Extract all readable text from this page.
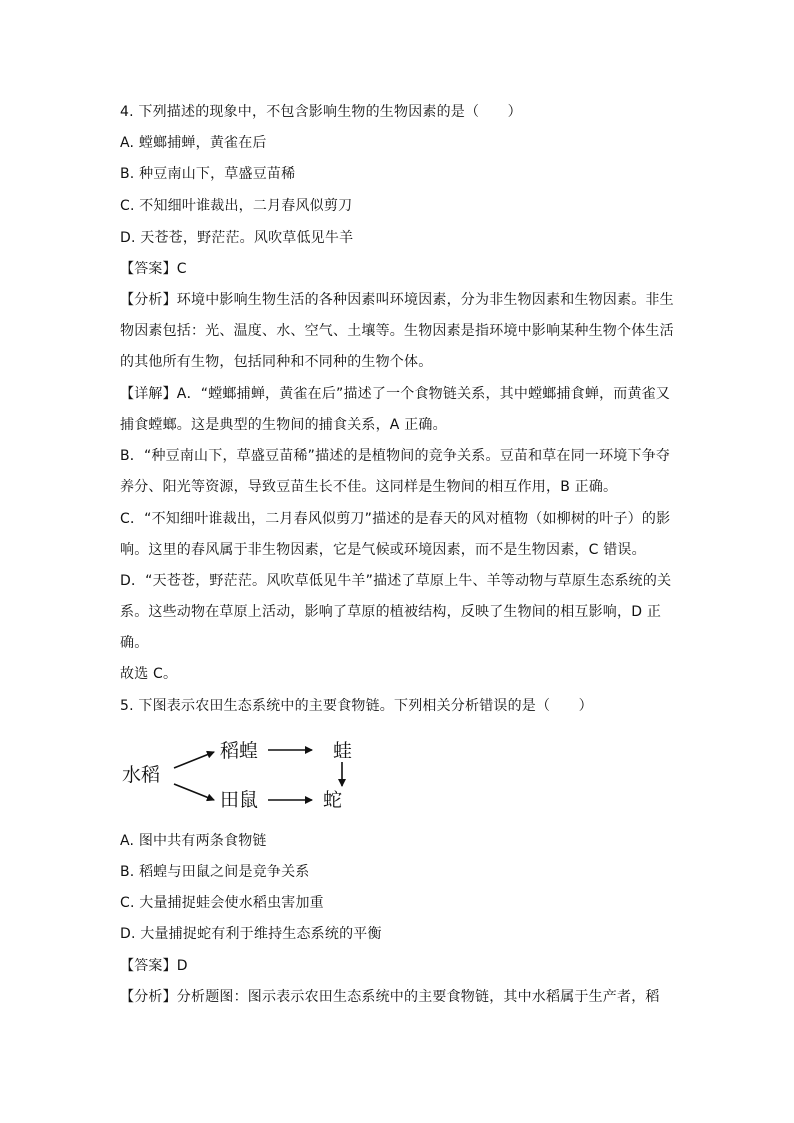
4. 下列描述的现象中，不包含影响生物的生物因素的是（　　）
A. 螳螂捕蝉，黄雀在后
B. 种豆南山下，草盛豆苗稀
C. 不知细叶谁裁出，二月春风似剪刀
D. 天苍苍，野茫茫。风吹草低见牛羊
【答案】C
【分析】环境中影响生物生活的各种因素叫环境因素，分为非生物因素和生物因素。非生
物因素包括：光、温度、水、空气、土壤等。生物因素是指环境中影响某种生物个体生活
的其他所有生物，包括同种和不同种的生物个体。
【详解】A．“螳螂捕蝉，黄雀在后”描述了一个食物链关系，其中螳螂捕食蝉，而黄雀又
捕食螳螂。这是典型的生物间的捕食关系，A 正确。
B．“种豆南山下，草盛豆苗稀”描述的是植物间的竞争关系。豆苗和草在同一环境下争夺
养分、阳光等资源，导致豆苗生长不佳。这同样是生物间的相互作用，B 正确。
C．“不知细叶谁裁出，二月春风似剪刀”描述的是春天的风对植物（如柳树的叶子）的影
响。这里的春风属于非生物因素，它是气候或环境因素，而不是生物因素，C 错误。
D．“天苍苍，野茫茫。风吹草低见牛羊”描述了草原上牛、羊等动物与草原生态系统的关
系。这些动物在草原上活动，影响了草原的植被结构，反映了生物间的相互影响，D 正
确。
故选 C。
5. 下图表示农田生态系统中的主要食物链。下列相关分析错误的是（　　）
水稻
稻蝗	蛙
田鼠	蛇
A. 图中共有两条食物链
B. 稻蝗与田鼠之间是竞争关系
C. 大量捕捉蛙会使水稻虫害加重
D. 大量捕捉蛇有利于维持生态系统的平衡
【答案】D
【分析】分析题图：图示表示农田生态系统中的主要食物链，其中水稻属于生产者，稻
